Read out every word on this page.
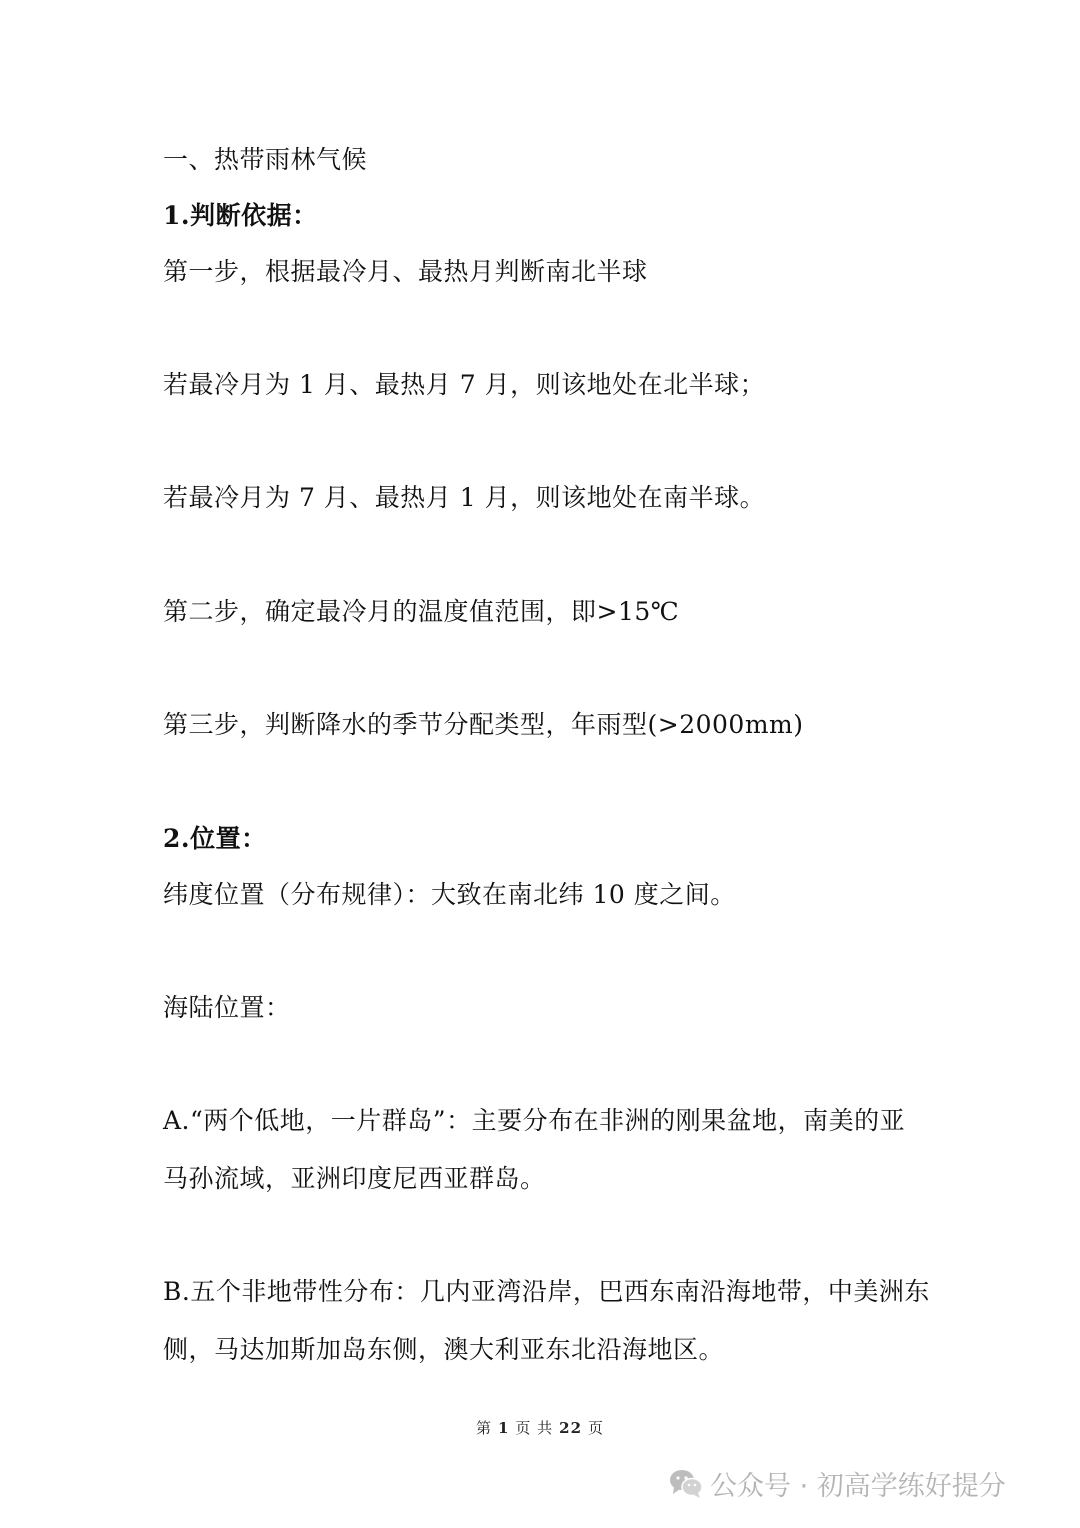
一、热带雨林气候
1.判断依据：
第一步，根据最冷月、最热月判断南北半球
若最冷月为 1 月、最热月 7 月，则该地处在北半球；
若最冷月为 7 月、最热月 1 月，则该地处在南半球。
第二步，确定最冷月的温度值范围，即>15℃
第三步，判断降水的季节分配类型，年雨型(>2000mm)
2.位置：
纬度位置（分布规律）：大致在南北纬 10 度之间。
海陆位置：
A.“两个低地，一片群岛”：主要分布在非洲的刚果盆地，南美的亚
马孙流域，亚洲印度尼西亚群岛。
B.五个非地带性分布：几内亚湾沿岸，巴西东南沿海地带，中美洲东
侧，马达加斯加岛东侧，澳大利亚东北沿海地区。
第 1 页 共 22 页
公众号 · 初高学练好提分
